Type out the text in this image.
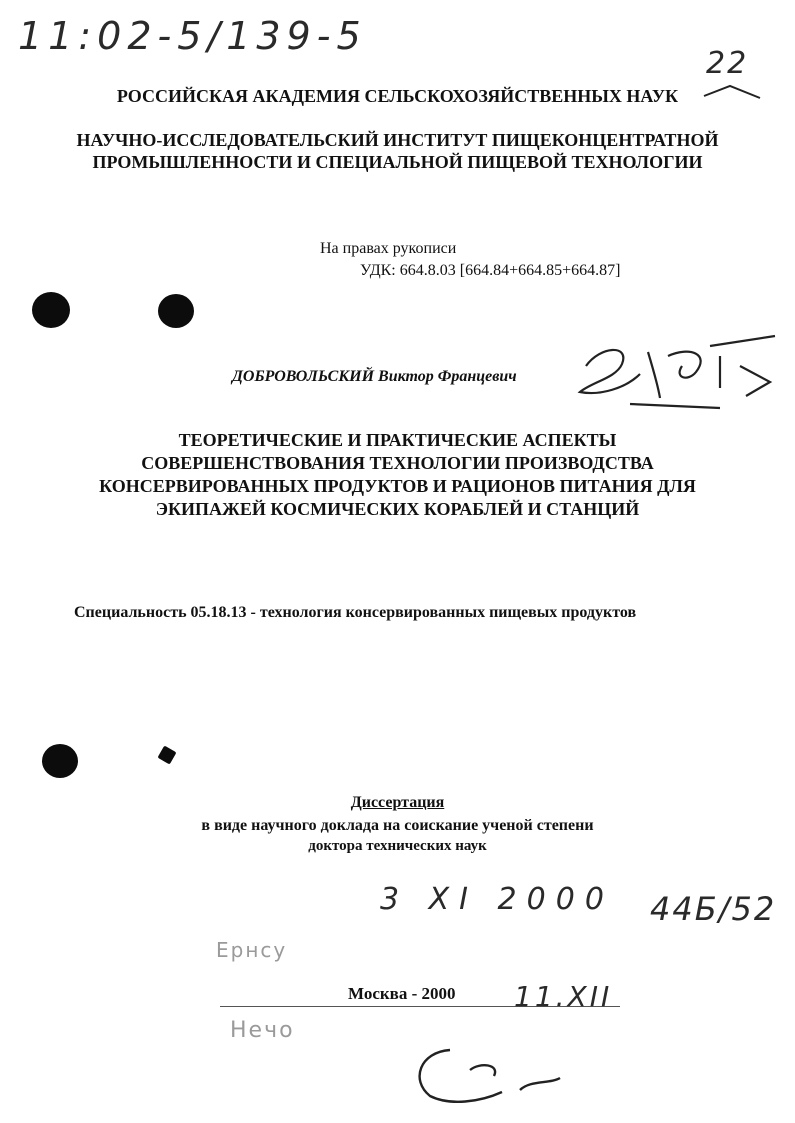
11:02-5/139-5
22
РОССИЙСКАЯ АКАДЕМИЯ СЕЛЬСКОХОЗЯЙСТВЕННЫХ НАУК
НАУЧНО-ИССЛЕДОВАТЕЛЬСКИЙ ИНСТИТУТ ПИЩЕКОНЦЕНТРАТНОЙ
ПРОМЫШЛЕННОСТИ И СПЕЦИАЛЬНОЙ ПИЩЕВОЙ ТЕХНОЛОГИИ
На правах рукописи
УДК: 664.8.03 [664.84+664.85+664.87]
ДОБРОВОЛЬСКИЙ Виктор Францевич
ТЕОРЕТИЧЕСКИЕ И ПРАКТИЧЕСКИЕ АСПЕКТЫ
СОВЕРШЕНСТВОВАНИЯ ТЕХНОЛОГИИ ПРОИЗВОДСТВА
КОНСЕРВИРОВАННЫХ ПРОДУКТОВ И РАЦИОНОВ ПИТАНИЯ ДЛЯ
ЭКИПАЖЕЙ КОСМИЧЕСКИХ КОРАБЛЕЙ И СТАНЦИЙ
Специальность 05.18.13 - технология консервированных пищевых продуктов
Диссертация
в виде научного доклада на соискание ученой степени
доктора технических наук
3 XI 2000 44Б/52
Ернсу
Нечо
Москва - 2000 11.XII
